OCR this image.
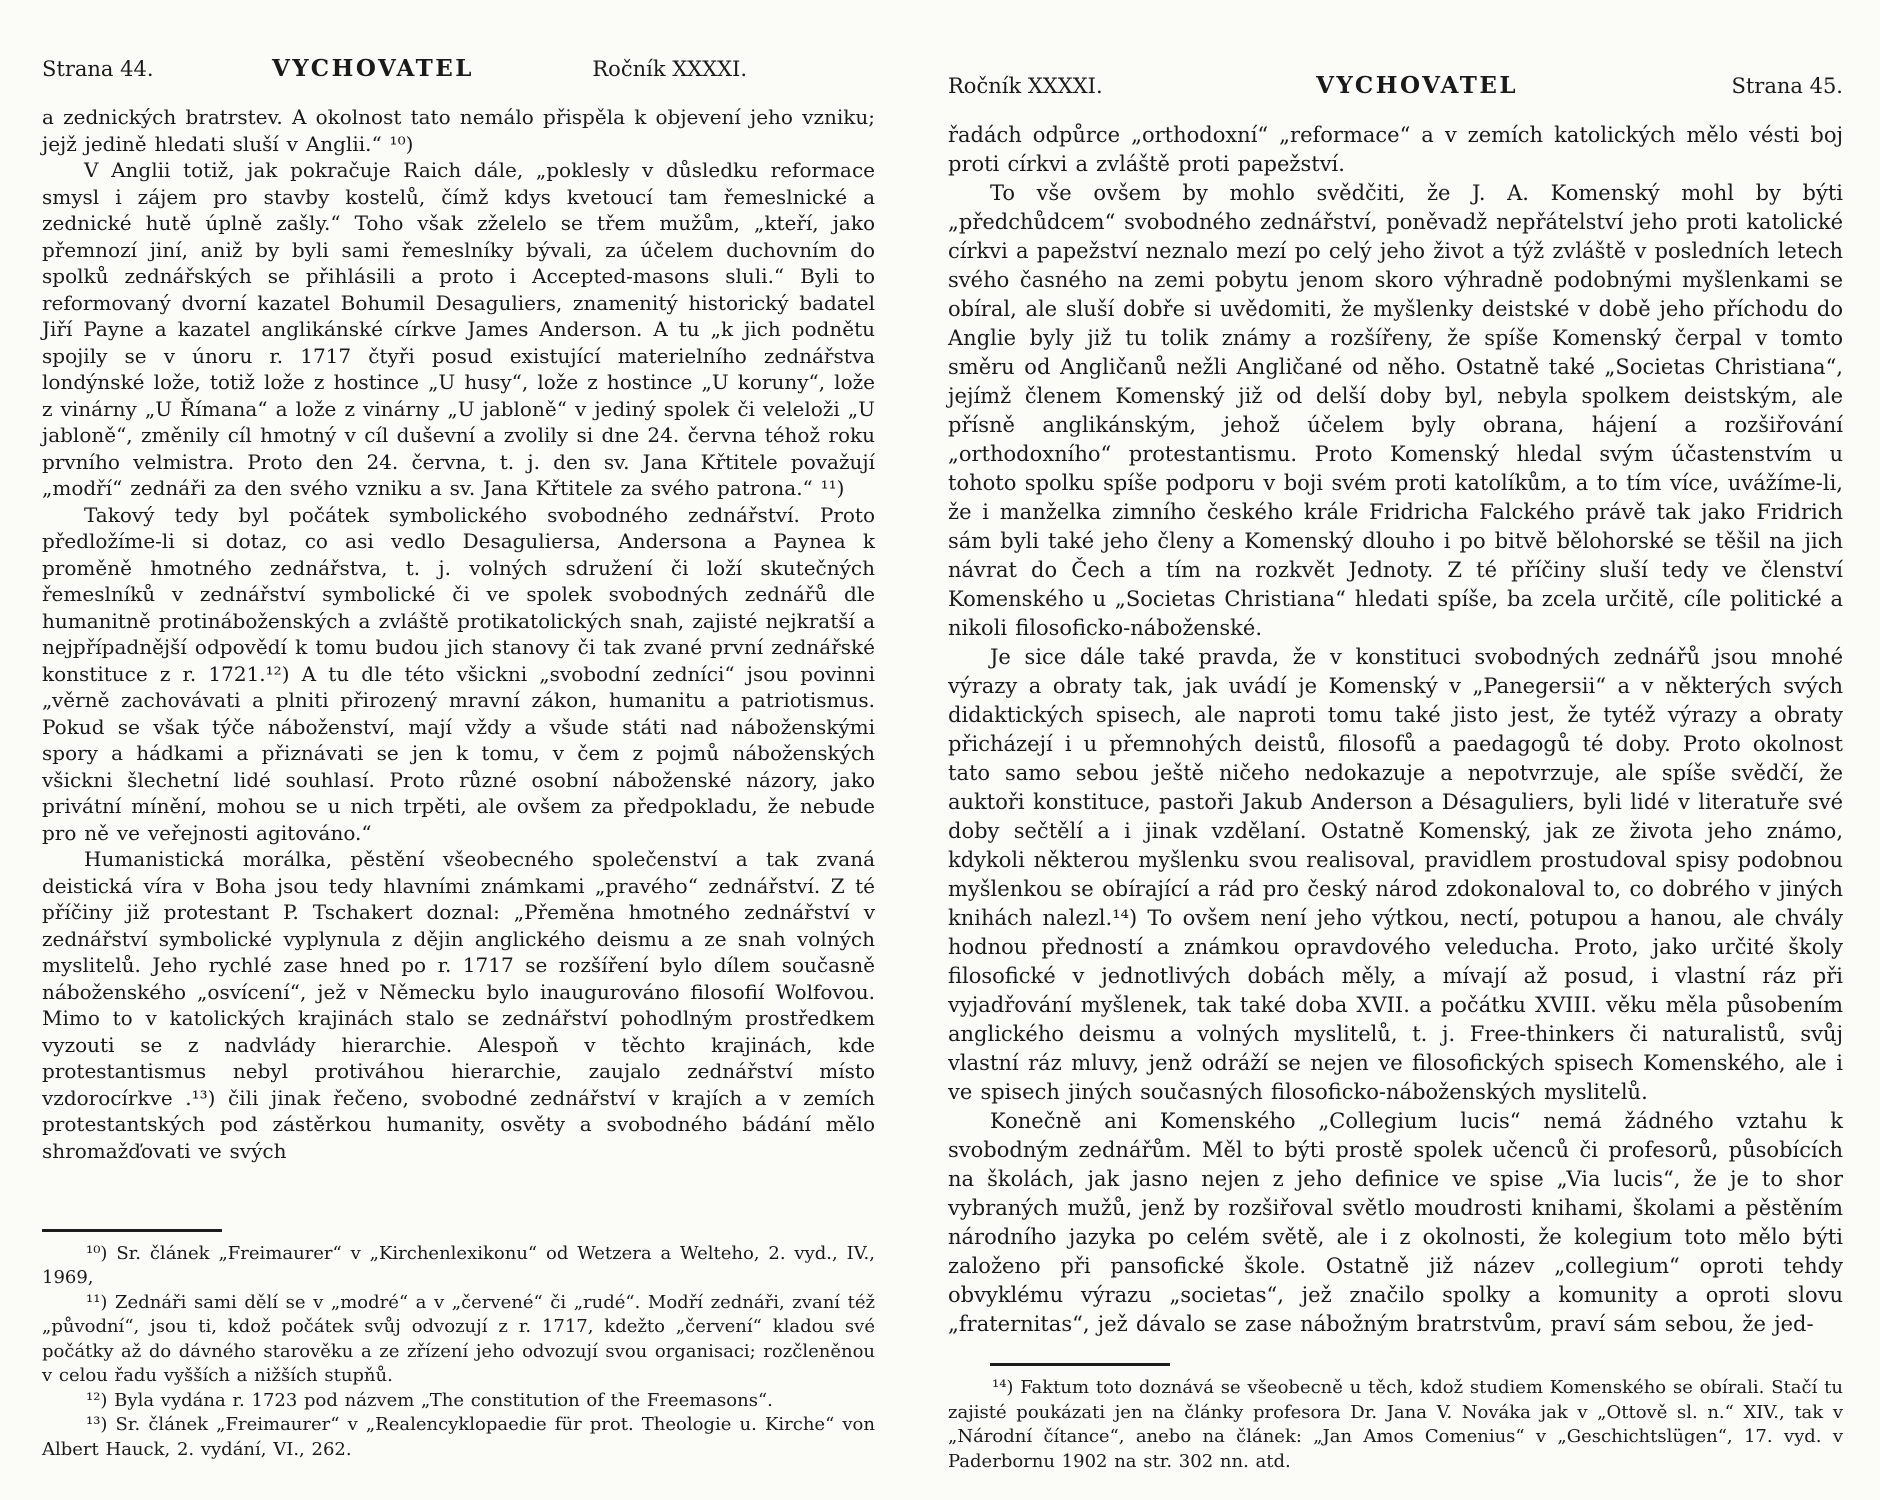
Strana 44.	VYCHOVATEL	Ročník XXXXI.

a zednických bratrstev. A okolnost tato nemálo přispěla k objevení jeho vzniku; jejž jedině hledati sluší v Anglii.“ ¹⁰)

V Anglii totiž, jak pokračuje Raich dále, „poklesly v důsledku reformace smysl i zájem pro stavby kostelů, čímž kdys kvetoucí tam řemeslnické a zednické hutě úplně zašly.“ Toho však zželelo se třem mužům, „kteří, jako přemnozí jiní, aniž by byli sami řemeslníky bývali, za účelem duchovním do spolků zednářských se přihlásili a proto i Accepted-masons sluli.“ Byli to reformovaný dvorní kazatel Bohumil Desaguliers, znamenitý historický badatel Jiří Payne a kazatel anglikánské církve James Anderson. A tu „k jich podnětu spojily se v únoru r. 1717 čtyři posud existující materielního zednářstva londýnské lože, totiž lože z hostince „U husy“, lože z hostince „U koruny“, lože z vinárny „U Římana“ a lože z vinárny „U jabloně“ v jediný spolek či veleloži „U jabloně“, změnily cíl hmotný v cíl duševní a zvolily si dne 24. června téhož roku prvního velmistra. Proto den 24. června, t. j. den sv. Jana Křtitele považují „modří“ zednáři za den svého vzniku a sv. Jana Křtitele za svého patrona.“ ¹¹)

Takový tedy byl počátek symbolického svobodného zednářství. Proto předložíme-li si dotaz, co asi vedlo Desaguliersa, Andersona a Paynea k proměně hmotného zednářstva, t. j. volných sdružení či loží skutečných řemeslníků v zednářství symbolické či ve spolek svobodných zednářů dle humanitně protináboženských a zvláště protikatolických snah, zajisté nejkratší a nejpřípadnější odpovědí k tomu budou jich stanovy či tak zvané první zednářské konstituce z r. 1721.¹²) A tu dle této všickni „svobodní zedníci“ jsou povinni „věrně zachovávati a plniti přirozený mravní zákon, humanitu a patriotismus. Pokud se však týče náboženství, mají vždy a všude státi nad náboženskými spory a hádkami a přiznávati se jen k tomu, v čem z pojmů náboženských všickni šlechetní lidé souhlasí. Proto různé osobní náboženské názory, jako privátní mínění, mohou se u nich trpěti, ale ovšem za předpokladu, že nebude pro ně ve veřejnosti agitováno.“

Humanistická morálka, pěstění všeobecného společenství a tak zvaná deistická víra v Boha jsou tedy hlavními známkami „pravého“ zednářství. Z té příčiny již protestant P. Tschakert doznal: „Přeměna hmotného zednářství v zednářství symbolické vyplynula z dějin anglického deismu a ze snah volných myslitelů. Jeho rychlé zase hned po r. 1717 se rozšíření bylo dílem současně náboženského „osvícení“, jež v Německu bylo inaugurováno filosofií Wolfovou. Mimo to v katolických krajinách stalo se zednářství pohodlným prostředkem vyzouti se z nadvlády hierarchie. Alespoň v těchto krajinách, kde protestantismus nebyl protiváhou hierarchie, zaujalo zednářství místo vzdorocírkve .¹³) čili jinak řečeno, svobodné zednářství v krajích a v zemích protestantských pod zástěrkou humanity, osvěty a svobodného bádání mělo shromažďovati ve svých

¹⁰) Sr. článek „Freimaurer“ v „Kirchenlexikonu“ od Wetzera a Welteho, 2. vyd., IV., 1969,

¹¹) Zednáři sami dělí se v „modré“ a v „červené“ či „rudé“. Modří zednáři, zvaní též „původní“, jsou ti, kdož počátek svůj odvozují z r. 1717, kdežto „červení“ kladou své počátky až do dávného starověku a ze zřízení jeho odvozují svou organisaci; rozčleněnou v celou řadu vyšších a nižších stupňů.

¹²) Byla vydána r. 1723 pod názvem „The constitution of the Freemasons“.

¹³) Sr. článek „Freimaurer“ v „Realencyklopaedie für prot. Theologie u. Kirche“ von Albert Hauck, 2. vydání, VI., 262.

Ročník XXXXI.	VYCHOVATEL	Strana 45.

řadách odpůrce „orthodoxní“ „reformace“ a v zemích katolických mělo vésti boj proti církvi a zvláště proti papežství.

To vše ovšem by mohlo svědčiti, že J. A. Komenský mohl by býti „předchůdcem“ svobodného zednářství, poněvadž nepřátelství jeho proti katolické církvi a papežství neznalo mezí po celý jeho život a týž zvláště v posledních letech svého časného na zemi pobytu jenom skoro výhradně podobnými myšlenkami se obíral, ale sluší dobře si uvědomiti, že myšlenky deistské v době jeho příchodu do Anglie byly již tu tolik známy a rozšířeny, že spíše Komenský čerpal v tomto směru od Angličanů nežli Angličané od něho. Ostatně také „Societas Christiana“, jejímž členem Komenský již od delší doby byl, nebyla spolkem deistským, ale přísně anglikánským, jehož účelem byly obrana, hájení a rozšiřování „orthodoxního“ protestantismu. Proto Komenský hledal svým účastenstvím u tohoto spolku spíše podporu v boji svém proti katolíkům, a to tím více, uvážíme-li, že i manželka zimního českého krále Fridricha Falckého právě tak jako Fridrich sám byli také jeho členy a Komenský dlouho i po bitvě bělohorské se těšil na jich návrat do Čech a tím na rozkvět Jednoty. Z té příčiny sluší tedy ve členství Komenského u „Societas Christiana“ hledati spíše, ba zcela určitě, cíle politické a nikoli filosoficko-náboženské.

Je sice dále také pravda, že v konstituci svobodných zednářů jsou mnohé výrazy a obraty tak, jak uvádí je Komenský v „Panegersii“ a v některých svých didaktických spisech, ale naproti tomu také jisto jest, že tytéž výrazy a obraty přicházejí i u přemnohých deistů, filosofů a paedagogů té doby. Proto okolnost tato samo sebou ještě ničeho nedokazuje a nepotvrzuje, ale spíše svědčí, že auktoři konstituce, pastoři Jakub Anderson a Désaguliers, byli lidé v literatuře své doby sečtělí a i jinak vzdělaní. Ostatně Komenský, jak ze života jeho známo, kdykoli některou myšlenku svou realisoval, pravidlem prostudoval spisy podobnou myšlenkou se obírající a rád pro český národ zdokonaloval to, co dobrého v jiných knihách nalezl.¹⁴) To ovšem není jeho výtkou, nectí, potupou a hanou, ale chvály hodnou předností a známkou opravdového veleducha. Proto, jako určité školy filosofické v jednotlivých dobách měly, a mívají až posud, i vlastní ráz při vyjadřování myšlenek, tak také doba XVII. a počátku XVIII. věku měla působením anglického deismu a volných myslitelů, t. j. Free-thinkers či naturalistů, svůj vlastní ráz mluvy, jenž odráží se nejen ve filosofických spisech Komenského, ale i ve spisech jiných současných filosoficko-náboženských myslitelů.

Konečně ani Komenského „Collegium lucis“ nemá žádného vztahu k svobodným zednářům. Měl to býti prostě spolek učenců či profesorů, působících na školách, jak jasno nejen z jeho definice ve spise „Via lucis“, že je to shor vybraných mužů, jenž by rozšiřoval světlo moudrosti knihami, školami a pěstěním národního jazyka po celém světě, ale i z okolnosti, že kolegium toto mělo býti založeno při pansofické škole. Ostatně již název „collegium“ oproti tehdy obvyklému výrazu „societas“, jež značilo spolky a komunity a oproti slovu „fraternitas“, jež dávalo se zase nábožným bratrstvům, praví sám sebou, že jed-

¹⁴) Faktum toto doznává se všeobecně u těch, kdož studiem Komenského se obírali. Stačí tu zajisté poukázati jen na články profesora Dr. Jana V. Nováka jak v „Ottově sl. n.“ XIV., tak v „Národní čítance“, anebo na článek: „Jan Amos Comenius“ v „Geschichtslügen“, 17. vyd. v Paderbornu 1902 na str. 302 nn. atd.
